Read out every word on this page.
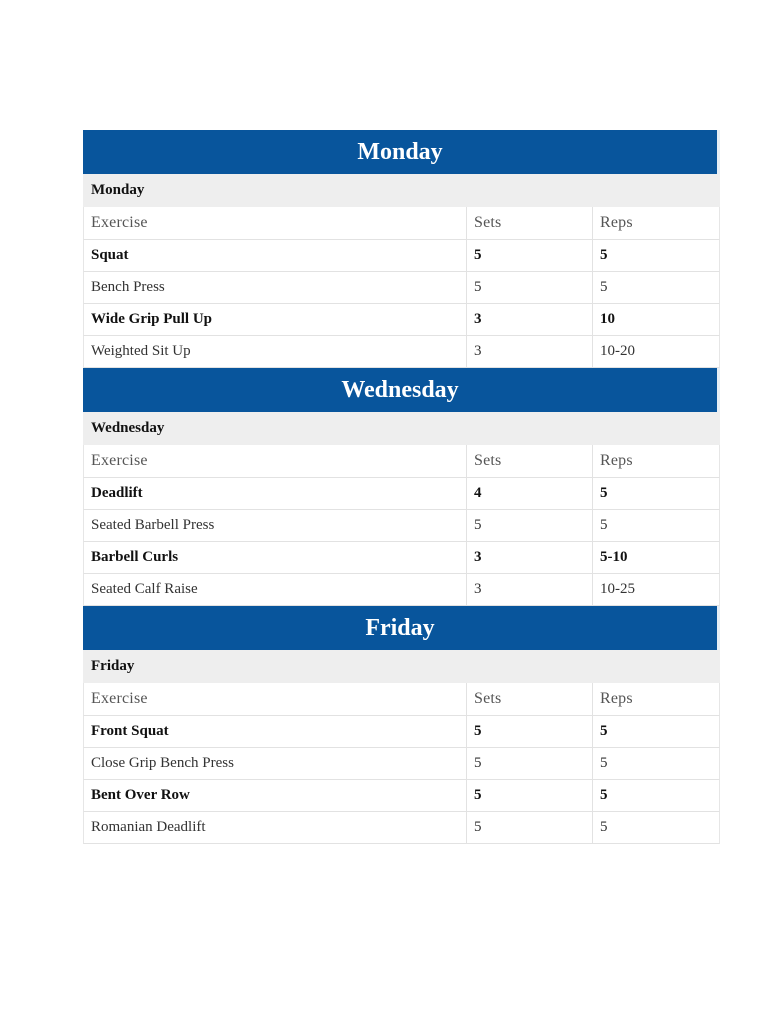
Monday
Monday
Exercise	Sets	Reps
Squat	5	5
Bench Press	5	5
Wide Grip Pull Up	3	10
Weighted Sit Up	3	10-20
Wednesday
Wednesday
Exercise	Sets	Reps
Deadlift	4	5
Seated Barbell Press	5	5
Barbell Curls	3	5-10
Seated Calf Raise	3	10-25
Friday
Friday
Exercise	Sets	Reps
Front Squat	5	5
Close Grip Bench Press	5	5
Bent Over Row	5	5
Romanian Deadlift	5	5
